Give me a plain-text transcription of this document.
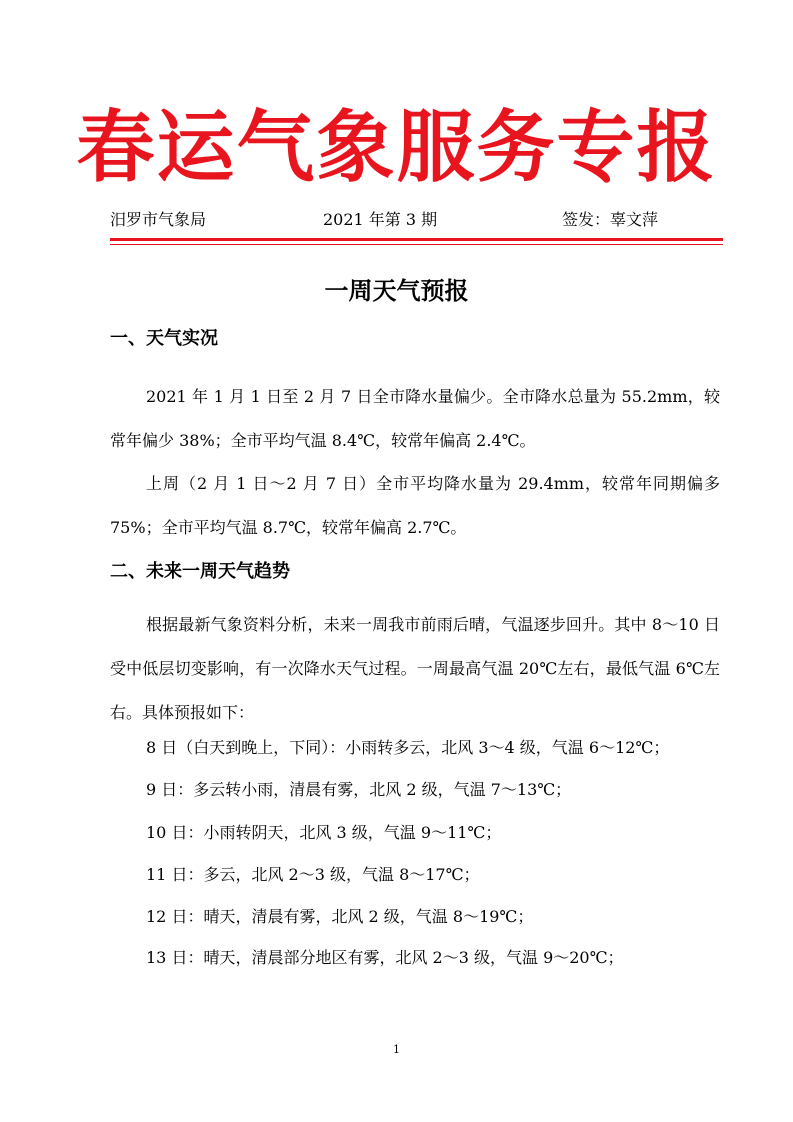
春运气象服务专报
汨罗市气象局	2021 年第 3 期	签发：辜文萍
一周天气预报
一、天气实况
2021 年 1 月 1 日至 2 月 7 日全市降水量偏少。全市降水总量为 55.2mm，较常年偏少 38%；全市平均气温 8.4℃，较常年偏高 2.4℃。
上周（2 月 1 日～2 月 7 日）全市平均降水量为 29.4mm，较常年同期偏多 75%；全市平均气温 8.7℃，较常年偏高 2.7℃。
二、未来一周天气趋势
根据最新气象资料分析，未来一周我市前雨后晴，气温逐步回升。其中 8～10 日受中低层切变影响，有一次降水天气过程。一周最高气温 20℃左右，最低气温 6℃左右。具体预报如下：
8 日（白天到晚上，下同）：小雨转多云，北风 3～4 级，气温 6～12℃；
9 日：多云转小雨，清晨有雾，北风 2 级，气温 7～13℃；
10 日：小雨转阴天，北风 3 级，气温 9～11℃；
11 日：多云，北风 2～3 级，气温 8～17℃；
12 日：晴天，清晨有雾，北风 2 级，气温 8～19℃；
13 日：晴天，清晨部分地区有雾，北风 2～3 级，气温 9～20℃；
1
